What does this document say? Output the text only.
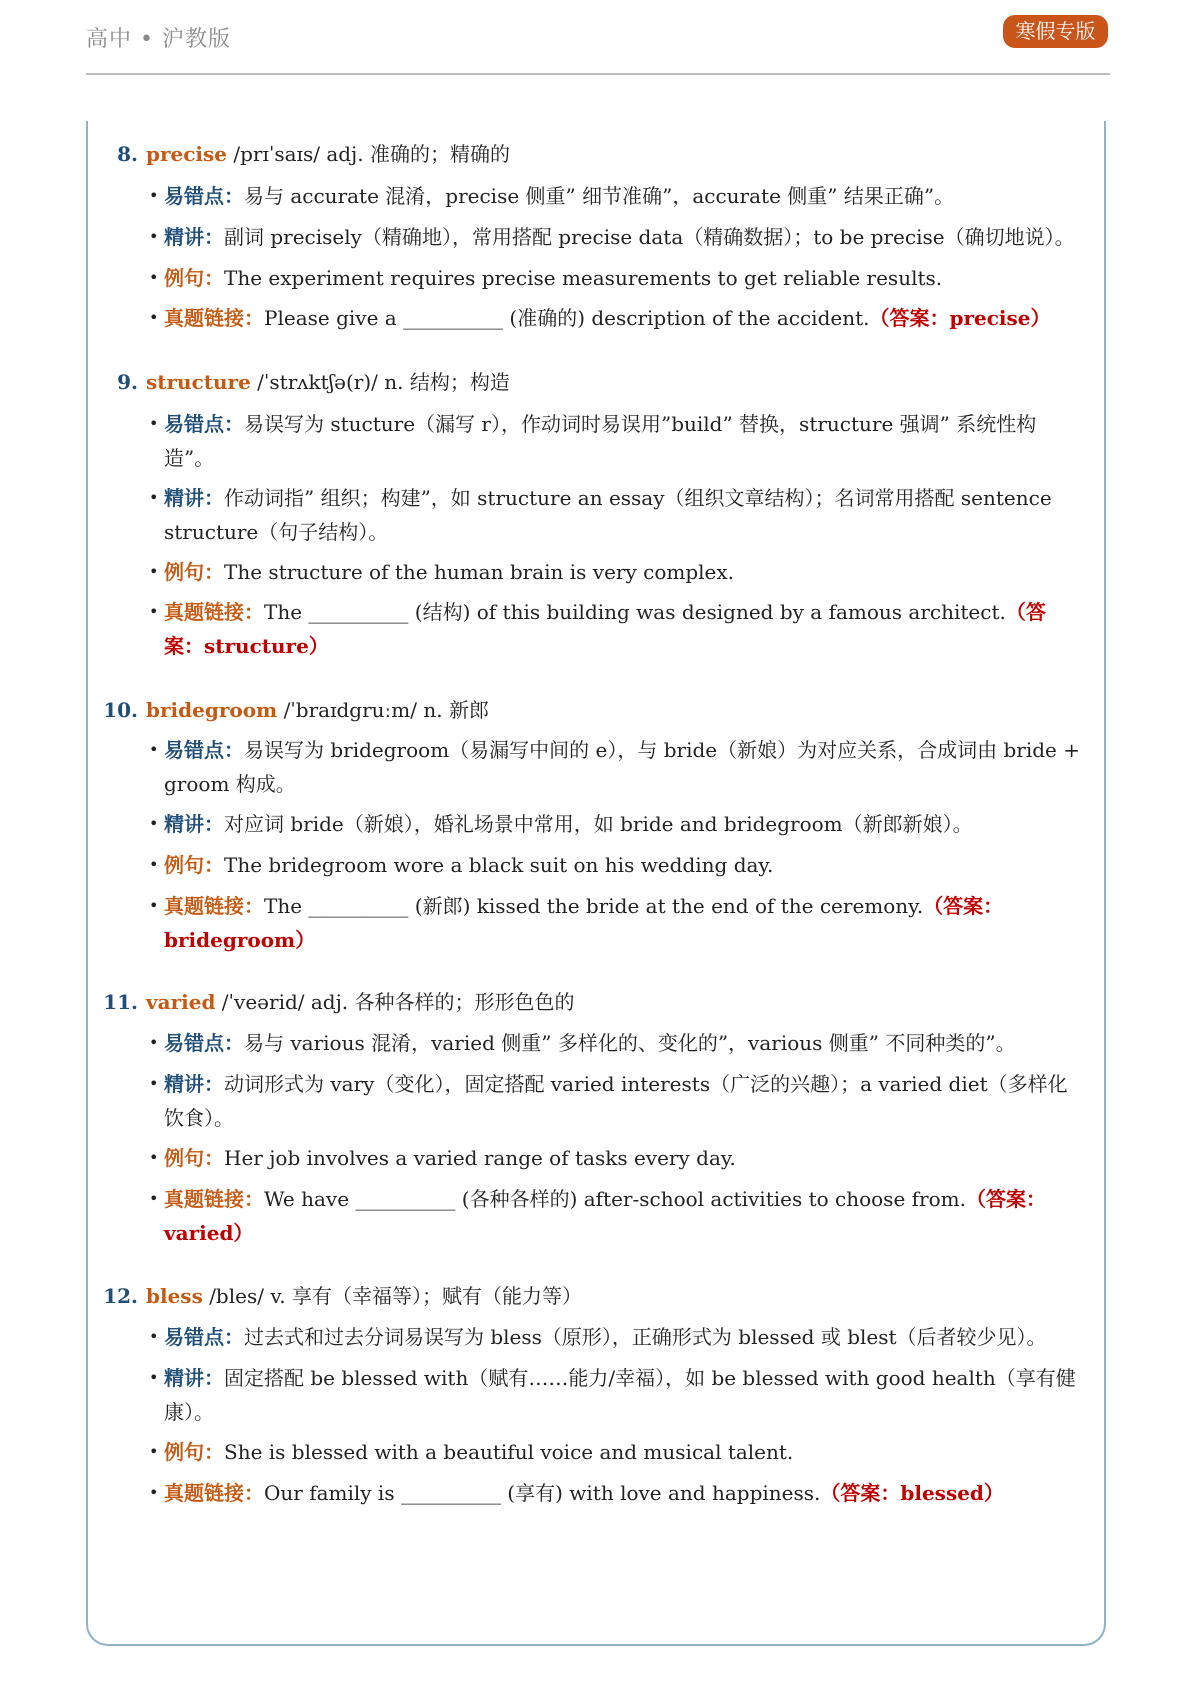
高中 • 沪教版	寒假专版
8. precise /prɪˈsaɪs/ adj. 准确的；精确的
• 易错点：易与 accurate 混淆，precise 侧重” 细节准确”，accurate 侧重” 结果正确”。
• 精讲：副词 precisely（精确地），常用搭配 precise data（精确数据）；to be precise（确切地说）。
• 例句：The experiment requires precise measurements to get reliable results.
• 真题链接：Please give a __________ (准确的) description of the accident.（答案：precise）
9. structure /ˈstrʌktʃə(r)/ n. 结构；构造
• 易错点：易误写为 stucture（漏写 r），作动词时易误用”build” 替换，structure 强调” 系统性构造”。
• 精讲：作动词指” 组织；构建”，如 structure an essay（组织文章结构）；名词常用搭配 sentence structure（句子结构）。
• 例句：The structure of the human brain is very complex.
• 真题链接：The __________ (结构) of this building was designed by a famous architect.（答案：structure）
10. bridegroom /ˈbraɪdgruːm/ n. 新郎
• 易错点：易误写为 bridegroom（易漏写中间的 e），与 bride（新娘）为对应关系，合成词由 bride + groom 构成。
• 精讲：对应词 bride（新娘），婚礼场景中常用，如 bride and bridegroom（新郎新娘）。
• 例句：The bridegroom wore a black suit on his wedding day.
• 真题链接：The __________ (新郎) kissed the bride at the end of the ceremony.（答案：bridegroom）
11. varied /ˈveərid/ adj. 各种各样的；形形色色的
• 易错点：易与 various 混淆，varied 侧重” 多样化的、变化的”，various 侧重” 不同种类的”。
• 精讲：动词形式为 vary（变化），固定搭配 varied interests（广泛的兴趣）；a varied diet（多样化饮食）。
• 例句：Her job involves a varied range of tasks every day.
• 真题链接：We have __________ (各种各样的) after-school activities to choose from.（答案：varied）
12. bless /bles/ v. 享有（幸福等）；赋有（能力等）
• 易错点：过去式和过去分词易误写为 bless（原形），正确形式为 blessed 或 blest（后者较少见）。
• 精讲：固定搭配 be blessed with（赋有……能力/幸福），如 be blessed with good health（享有健康）。
• 例句：She is blessed with a beautiful voice and musical talent.
• 真题链接：Our family is __________ (享有) with love and happiness.（答案：blessed）
